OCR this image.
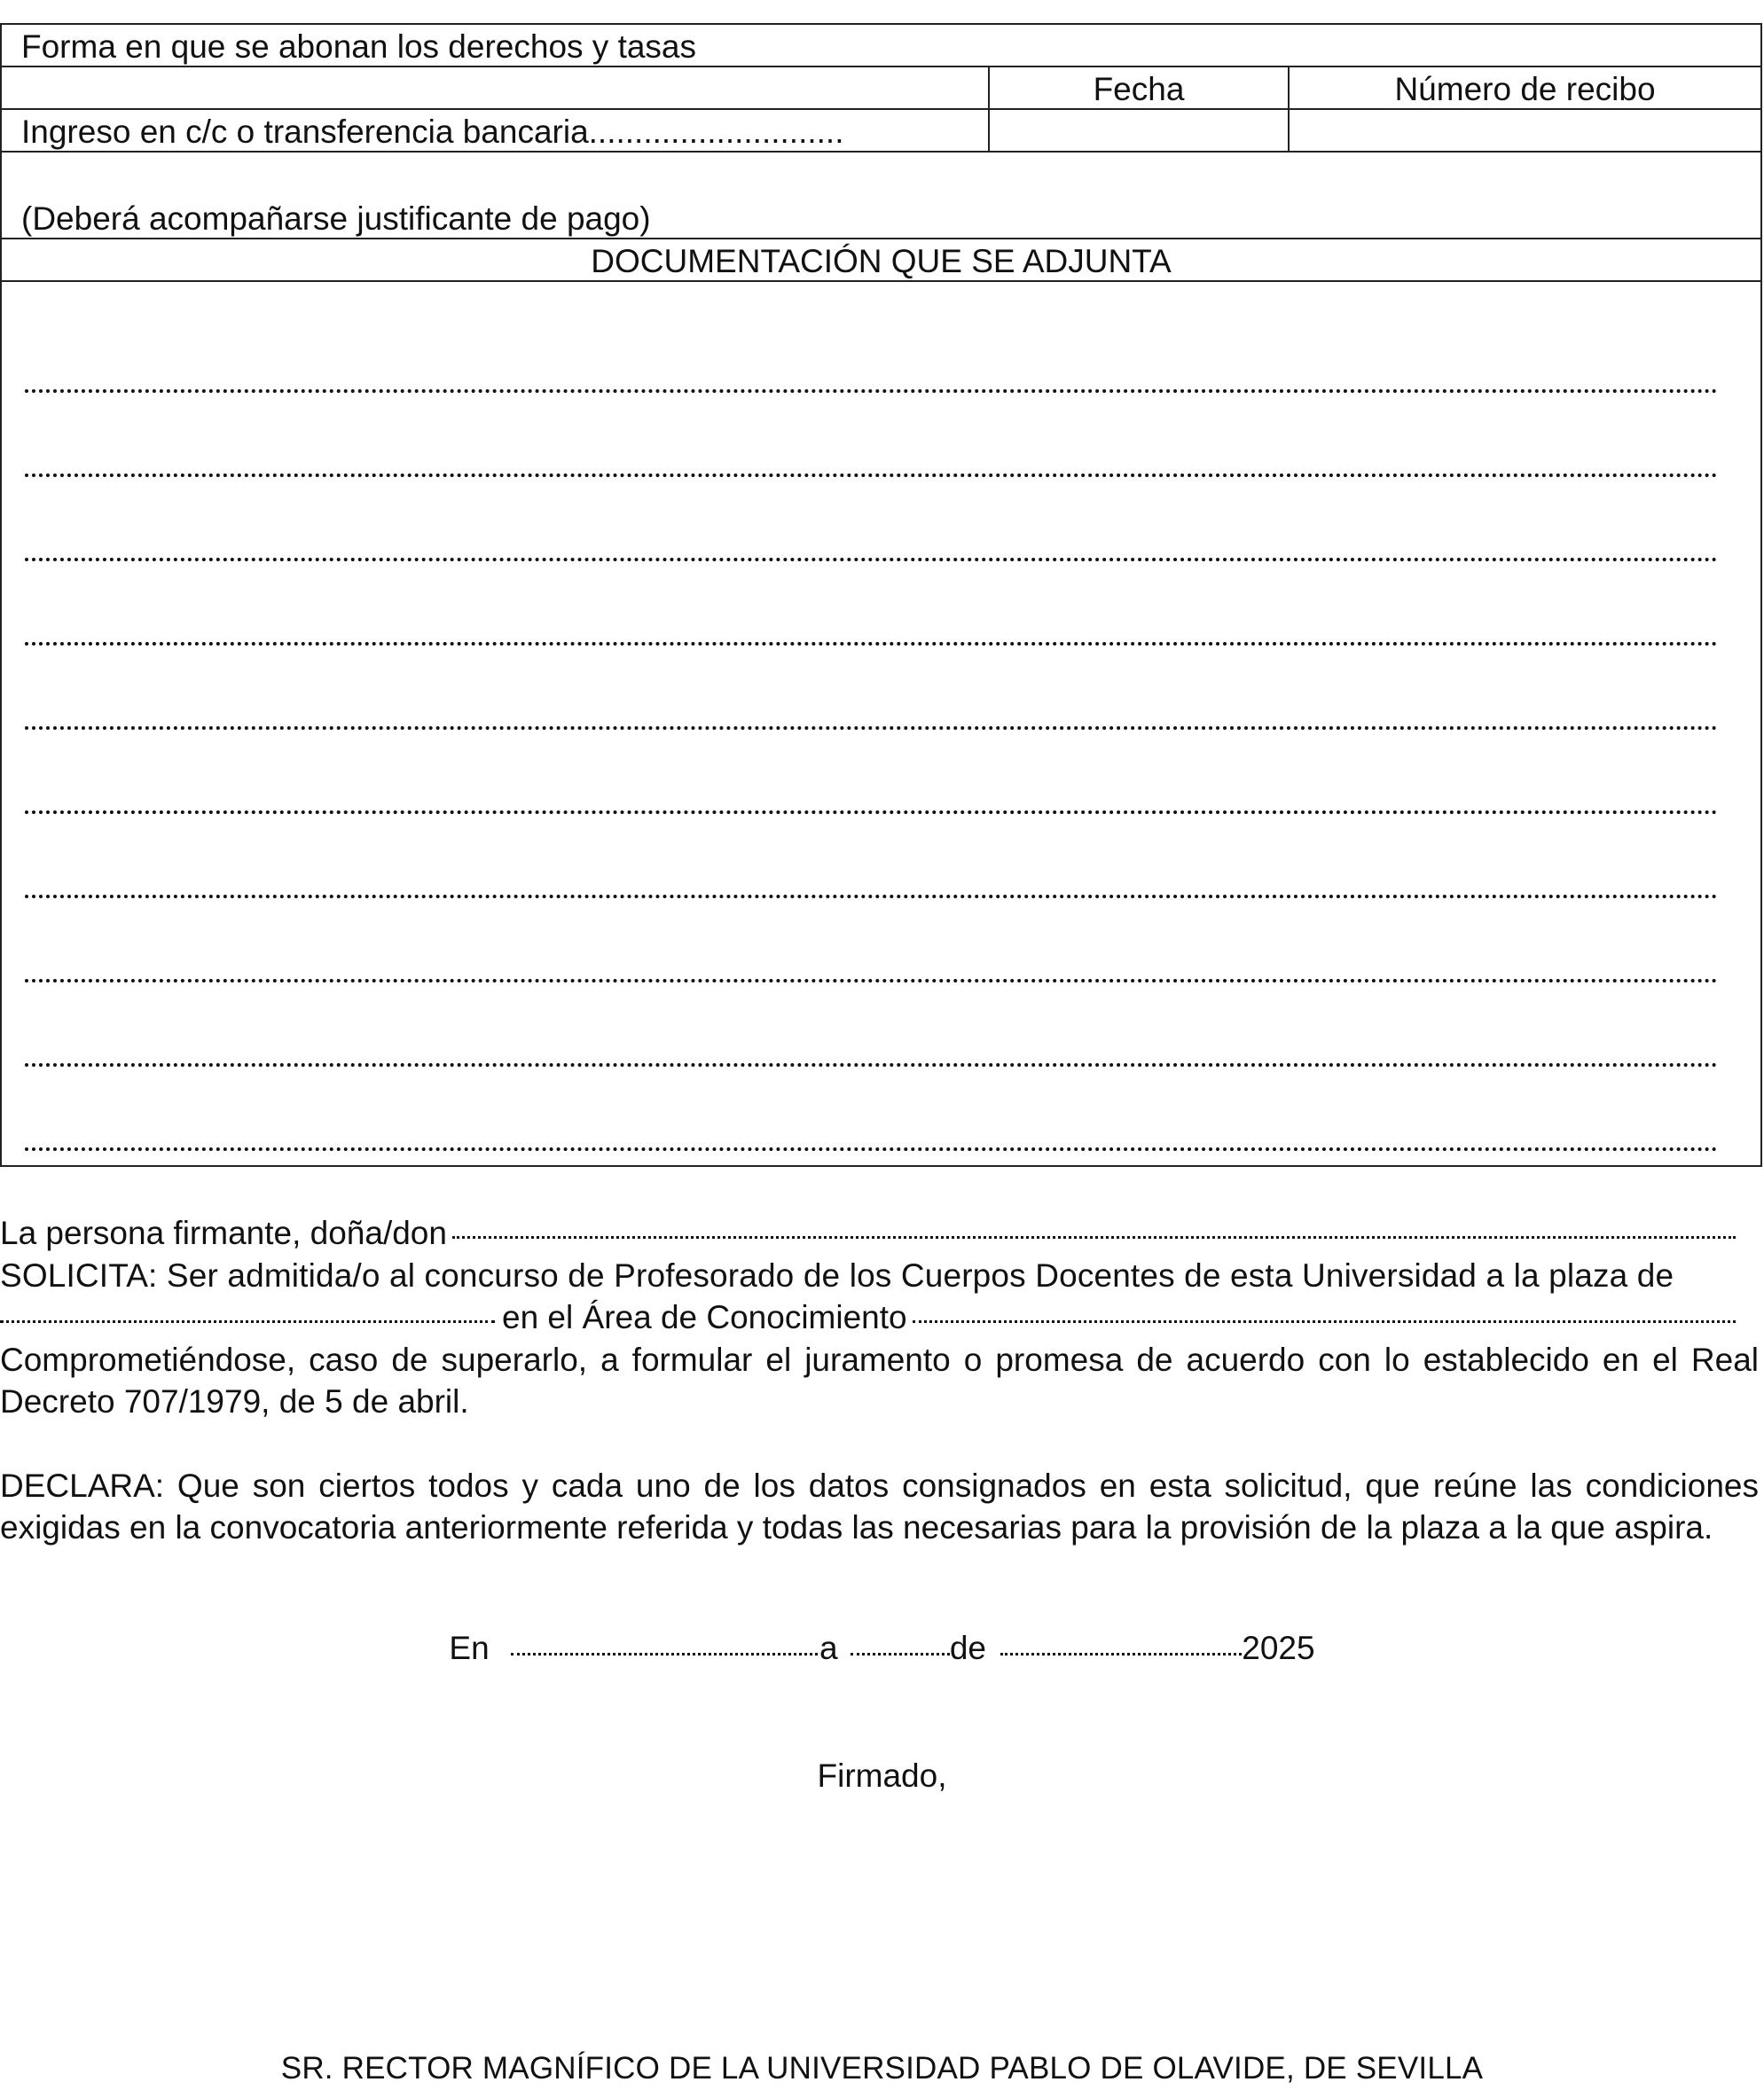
Forma en que se abonan los derechos y tasas		
	Fecha	Número de recibo
Ingreso en c/c o transferencia bancaria............................		
(Deberá acompañarse justificante de pago)		
DOCUMENTACIÓN QUE SE ADJUNTA		

La persona firmante, doña/don

SOLICITA: Ser admitida/o al concurso de Profesorado de los Cuerpos Docentes de esta Universidad a la plaza de

en el Área de Conocimiento

Comprometiéndose, caso de superarlo, a formular el juramento o promesa de acuerdo con lo establecido en el Real Decreto 707/1979, de 5 de abril.

DECLARA: Que son ciertos todos y cada uno de los datos consignados en esta solicitud, que reúne las condiciones exigidas en la convocatoria anteriormente referida y todas las necesarias para la provisión de la plaza a la que aspira.

En	a	de	2025
Firmado,
SR. RECTOR MAGNÍFICO DE LA UNIVERSIDAD PABLO DE OLAVIDE, DE SEVILLA
